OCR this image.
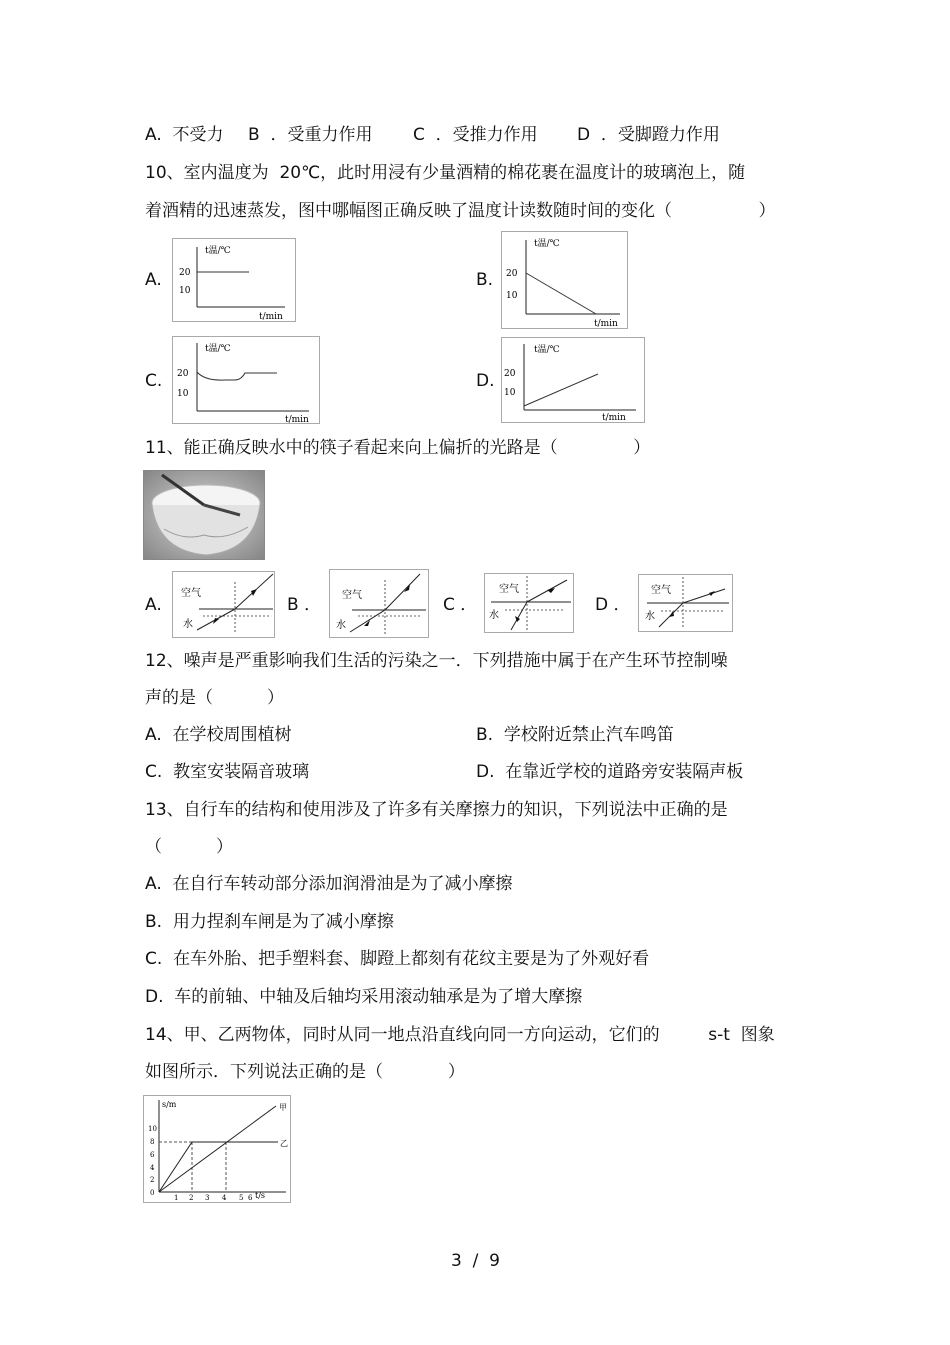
A.  不受力 B  ．受重力作用 C  ．受推力作用 D  ．受脚蹬力作用
10、室内温度为  20℃，此时用浸有少量酒精的棉花裹在温度计的玻璃泡上，随
着酒精的迅速蒸发，图中哪幅图正确反映了温度计读数随时间的变化（                ）
A.
t温/℃
20
10
t/min
B.
t温/℃
20
10
t/min
C.
t温/℃
20
10
t/min
D.
t温/℃
20
10
t/min
11、能正确反映水中的筷子看起来向上偏折的光路是（              ）
A.
空气
水
B ． 空气
水
C ．
空气
水
D ．
空气
水
12、噪声是严重影响我们生活的污染之一．下列措施中属于在产生环节控制噪
声的是（          ）
A.  在学校周围植树	B.  学校附近禁止汽车鸣笛
C.  教室安装隔音玻璃	D.  在靠近学校的道路旁安装隔声板
13、自行车的结构和使用涉及了许多有关摩擦力的知识，下列说法中正确的是
（          ）
A.  在自行车转动部分添加润滑油是为了减小摩擦
B.  用力捏刹车闸是为了减小摩擦
C.  在车外胎、把手塑料套、脚蹬上都刻有花纹主要是为了外观好看
D.  车的前轴、中轴及后轴均采用滚动轴承是为了增大摩擦
14、甲、乙两物体，同时从同一地点沿直线向同一方向运动，它们的         s-t  图象
如图所示．下列说法正确的是（            ）
s/m
t/s
甲
乙
10
8
6
4
2
0
1 2 3 4 5 6
3  /  9
